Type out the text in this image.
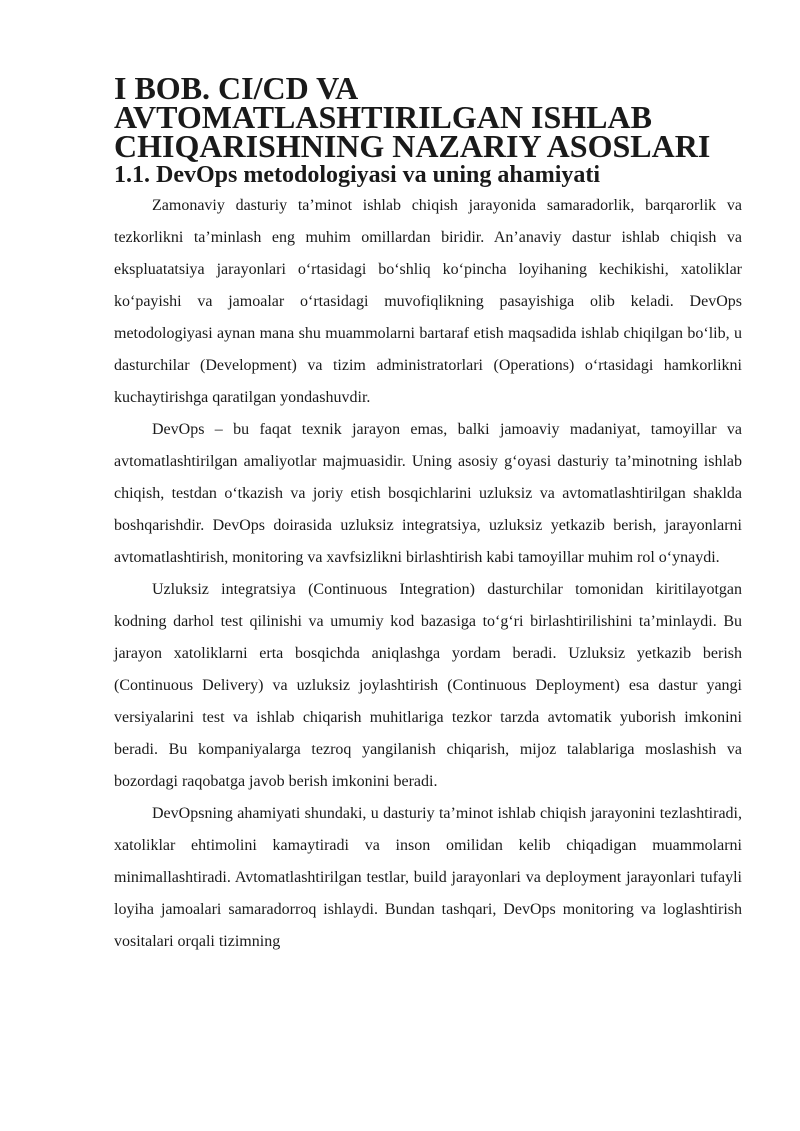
I BOB. CI/CD VA AVTOMATLASHTIRILGAN ISHLAB
CHIQARISHNING NAZARIY ASOSLARI
1.1. DevOps metodologiyasi va uning ahamiyati

Zamonaviy dasturiy ta’minot ishlab chiqish jarayonida samaradorlik, barqarorlik va tezkorlikni ta’minlash eng muhim omillardan biridir. An’anaviy dastur ishlab chiqish va ekspluatatsiya jarayonlari o‘rtasidagi bo‘shliq ko‘pincha loyihaning kechikishi, xatoliklar ko‘payishi va jamoalar o‘rtasidagi muvofiqlikning pasayishiga olib keladi. DevOps metodologiyasi aynan mana shu muammolarni bartaraf etish maqsadida ishlab chiqilgan bo‘lib, u dasturchilar (Development) va tizim administratorlari (Operations) o‘rtasidagi hamkorlikni kuchaytirishga qaratilgan yondashuvdir.

DevOps – bu faqat texnik jarayon emas, balki jamoaviy madaniyat, tamoyillar va avtomatlashtirilgan amaliyotlar majmuasidir. Uning asosiy g‘oyasi dasturiy ta’minotning ishlab chiqish, testdan o‘tkazish va joriy etish bosqichlarini uzluksiz va avtomatlashtirilgan shaklda boshqarishdir. DevOps doirasida uzluksiz integratsiya, uzluksiz yetkazib berish, jarayonlarni avtomatlashtirish, monitoring va xavfsizlikni birlashtirish kabi tamoyillar muhim rol o‘ynaydi.

Uzluksiz integratsiya (Continuous Integration) dasturchilar tomonidan kiritilayotgan kodning darhol test qilinishi va umumiy kod bazasiga to‘g‘ri birlashtirilishini ta’minlaydi. Bu jarayon xatoliklarni erta bosqichda aniqlashga yordam beradi. Uzluksiz yetkazib berish (Continuous Delivery) va uzluksiz joylashtirish (Continuous Deployment) esa dastur yangi versiyalarini test va ishlab chiqarish muhitlariga tezkor tarzda avtomatik yuborish imkonini beradi. Bu kompaniyalarga tezroq yangilanish chiqarish, mijoz talablariga moslashish va bozordagi raqobatga javob berish imkonini beradi.

DevOpsning ahamiyati shundaki, u dasturiy ta’minot ishlab chiqish jarayonini tezlashtiradi, xatoliklar ehtimolini kamaytiradi va inson omilidan kelib chiqadigan muammolarni minimallashtiradi. Avtomatlashtirilgan testlar, build jarayonlari va deployment jarayonlari tufayli loyiha jamoalari samaradorroq ishlaydi. Bundan tashqari, DevOps monitoring va loglashtirish vositalari orqali tizimning
